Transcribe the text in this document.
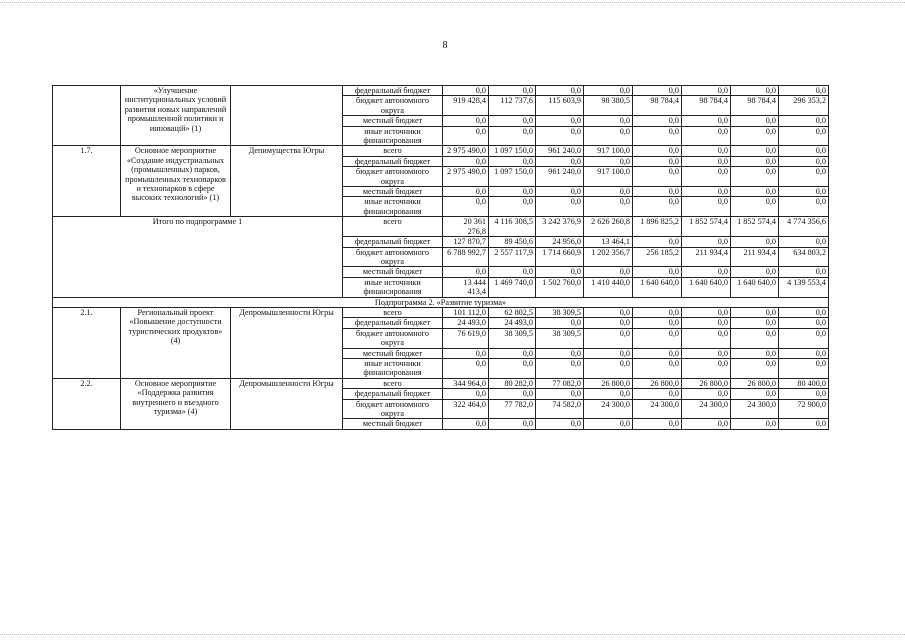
8
	«Улучшение институциональных условий развития новых направлений промышленной политики и инновацій» (1)		федеральный бюджет	0,0	0,0	0,0	0,0	0,0	0,0	0,0	0,0
			бюджет автономного округа	919 428,4	112 737,6	115 603,9	98 380,5	98 784,4	98 784,4	98 784,4	296 353,2
			местный бюджет	0,0	0,0	0,0	0,0	0,0	0,0	0,0	0,0
			иные источники финансирования	0,0	0,0	0,0	0,0	0,0	0,0	0,0	0,0
1.7.	Основное мероприятие «Создание индустриальных (промышленных) парков, промышленных технопарков и технопарков в сфере высоких технологий» (1)	Депимущества Югры	всего	2 975 490,0	1 097 150,0	961 240,0	917 100,0	0,0	0,0	0,0	0,0
			федеральный бюджет	0,0	0,0	0,0	0,0	0,0	0,0	0,0	0,0
			бюджет автономного округа	2 975 490,0	1 097 150,0	961 240,0	917 100,0	0,0	0,0	0,0	0,0
			местный бюджет	0,0	0,0	0,0	0,0	0,0	0,0	0,0	0,0
			иные источники финансирования	0,0	0,0	0,0	0,0	0,0	0,0	0,0	0,0
Итого по подпрограмме 1			всего	20 361 276,8	4 116 308,5	3 242 376,9	2 626 260,8	1 896 825,2	1 852 574,4	1 852 574,4	4 774 356,6
			федеральный бюджет	127 870,7	89 450,6	24 956,0	13 464,1	0,0	0,0	0,0	0,0
			бюджет автономного округа	6 788 992,7	2 557 117,9	1 714 660,9	1 202 356,7	256 185,2	211 934,4	211 934,4	634 803,2
			местный бюджет	0,0	0,0	0,0	0,0	0,0	0,0	0,0	0,0
			иные источники финансирования	13 444 413,4	1 469 740,0	1 502 760,0	1 410 440,0	1 640 640,0	1 640 640,0	1 640 640,0	4 139 553,4
Подпрограмма 2. «Развитие туризма»											
2.1.	Региональный проект «Повышение доступности туристических продуктов» (4)	Депромышленности Югры	всего	101 112,0	62 802,5	38 309,5	0,0	0,0	0,0	0,0	0,0
			федеральный бюджет	24 493,0	24 493,0	0,0	0,0	0,0	0,0	0,0	0,0
			бюджет автономного округа	76 619,0	38 309,5	38 309,5	0,0	0,0	0,0	0,0	0,0
			местный бюджет	0,0	0,0	0,0	0,0	0,0	0,0	0,0	0,0
			иные источники финансирования	0,0	0,0	0,0	0,0	0,0	0,0	0,0	0,0
2.2.	Основное мероприятие «Поддержка развития внутреннего и въездного туризма» (4)	Депромышленности Югры	всего	344 964,0	80 282,0	77 082,0	26 800,0	26 800,0	26 800,0	26 800,0	80 400,0
			федеральный бюджет	0,0	0,0	0,0	0,0	0,0	0,0	0,0	0,0
			бюджет автономного округа	322 464,0	77 782,0	74 582,0	24 300,0	24 300,0	24 300,0	24 300,0	72 900,0
			местный бюджет	0,0	0,0	0,0	0,0	0,0	0,0	0,0	0,0
